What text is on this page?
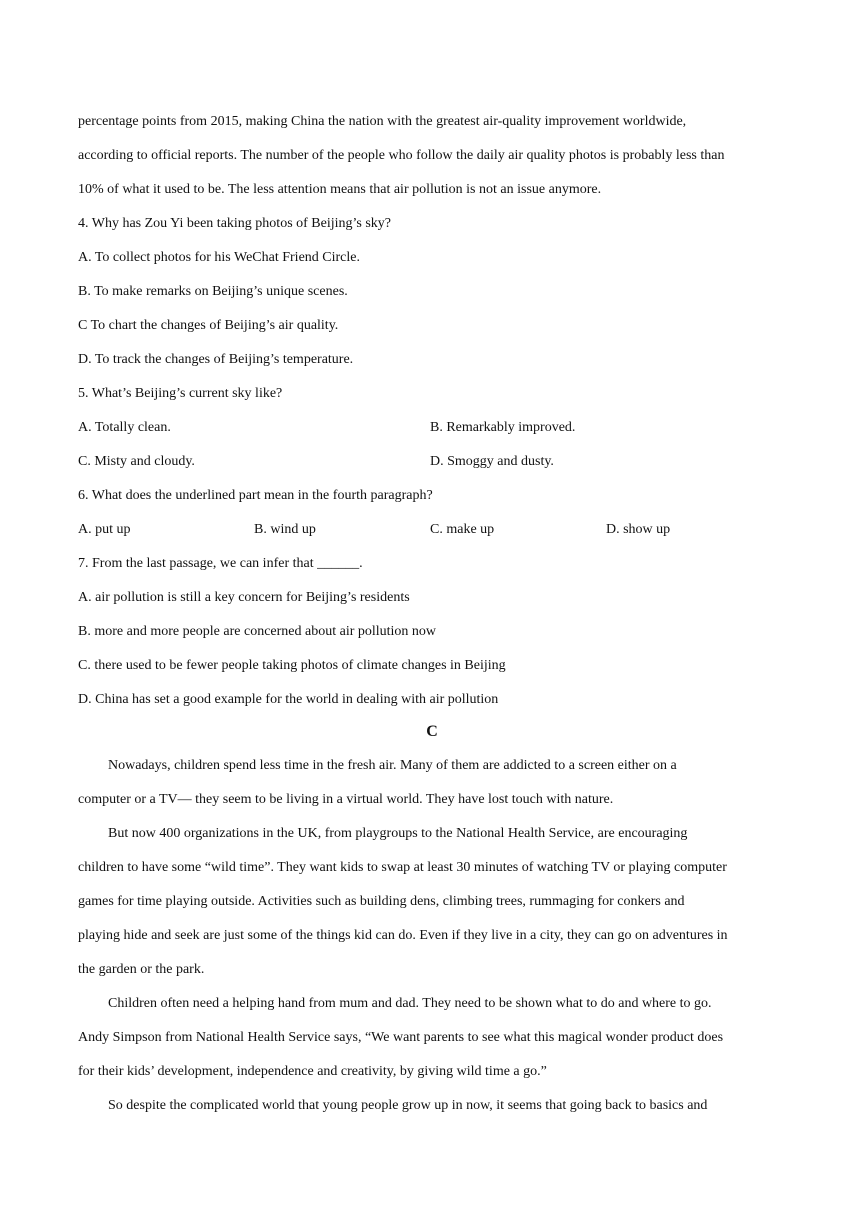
percentage points from 2015, making China the nation with the greatest air-quality improvement worldwide,
according to official reports. The number of the people who follow the daily air quality photos is probably less than
10% of what it used to be. The less attention means that air pollution is not an issue anymore.
4. Why has Zou Yi been taking photos of Beijing’s sky?
A. To collect photos for his WeChat Friend Circle.
B. To make remarks on Beijing’s unique scenes.
C To chart the changes of Beijing’s air quality.
D. To track the changes of Beijing’s temperature.
5. What’s Beijing’s current sky like?
A. Totally clean.	B. Remarkably improved.
C. Misty and cloudy.	D. Smoggy and dusty.
6. What does the underlined part mean in the fourth paragraph?
A. put up	B. wind up	C. make up	D. show up
7. From the last passage, we can infer that ______.
A. air pollution is still a key concern for Beijing’s residents
B. more and more people are concerned about air pollution now
C. there used to be fewer people taking photos of climate changes in Beijing
D. China has set a good example for the world in dealing with air pollution
C
Nowadays, children spend less time in the fresh air. Many of them are addicted to a screen either on a
computer or a TV— they seem to be living in a virtual world. They have lost touch with nature.
But now 400 organizations in the UK, from playgroups to the National Health Service, are encouraging
children to have some “wild time”. They want kids to swap at least 30 minutes of watching TV or playing computer
games for time playing outside. Activities such as building dens, climbing trees, rummaging for conkers and
playing hide and seek are just some of the things kid can do. Even if they live in a city, they can go on adventures in
the garden or the park.
Children often need a helping hand from mum and dad. They need to be shown what to do and where to go.
Andy Simpson from National Health Service says, “We want parents to see what this magical wonder product does
for their kids’ development, independence and creativity, by giving wild time a go.”
So despite the complicated world that young people grow up in now, it seems that going back to basics and
